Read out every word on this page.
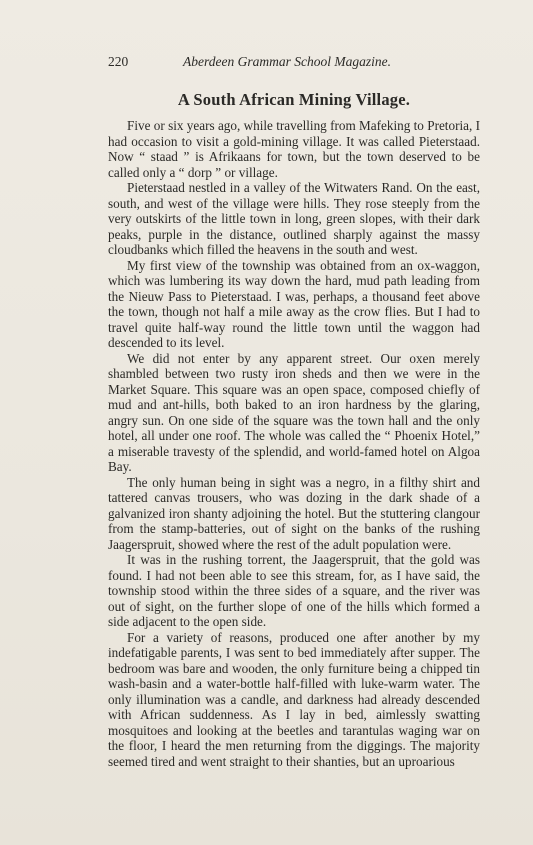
220	Aberdeen Grammar School Magazine.
A South African Mining Village.

Five or six years ago, while travelling from Mafeking to Pretoria, I had occasion to visit a gold-mining village. It was called Pieterstaad. Now “ staad ” is Afrikaans for town, but the town deserved to be called only a “ dorp ” or village.

Pieterstaad nestled in a valley of the Witwaters Rand. On the east, south, and west of the village were hills. They rose steeply from the very outskirts of the little town in long, green slopes, with their dark peaks, purple in the distance, outlined sharply against the massy cloudbanks which filled the heavens in the south and west.

My first view of the township was obtained from an ox-waggon, which was lumbering its way down the hard, mud path leading from the Nieuw Pass to Pieterstaad. I was, perhaps, a thousand feet above the town, though not half a mile away as the crow flies. But I had to travel quite half-way round the little town until the waggon had descended to its level.

We did not enter by any apparent street. Our oxen merely shambled between two rusty iron sheds and then we were in the Market Square. This square was an open space, composed chiefly of mud and ant-hills, both baked to an iron hardness by the glaring, angry sun. On one side of the square was the town hall and the only hotel, all under one roof. The whole was called the “ Phoenix Hotel,” a miserable travesty of the splendid, and world-famed hotel on Algoa Bay.

The only human being in sight was a negro, in a filthy shirt and tattered canvas trousers, who was dozing in the dark shade of a galvanized iron shanty adjoining the hotel. But the stuttering clangour from the stamp-batteries, out of sight on the banks of the rushing Jaagerspruit, showed where the rest of the adult population were.

It was in the rushing torrent, the Jaagerspruit, that the gold was found. I had not been able to see this stream, for, as I have said, the township stood within the three sides of a square, and the river was out of sight, on the further slope of one of the hills which formed a side adjacent to the open side.

For a variety of reasons, produced one after another by my indefatigable parents, I was sent to bed immediately after supper. The bedroom was bare and wooden, the only furniture being a chipped tin wash-basin and a water-bottle half-filled with luke-warm water. The only illumination was a candle, and darkness had already descended with African suddenness. As I lay in bed, aimlessly swatting mosquitoes and looking at the beetles and tarantulas waging war on the floor, I heard the men returning from the diggings. The majority seemed tired and went straight to their shanties, but an uproarious
